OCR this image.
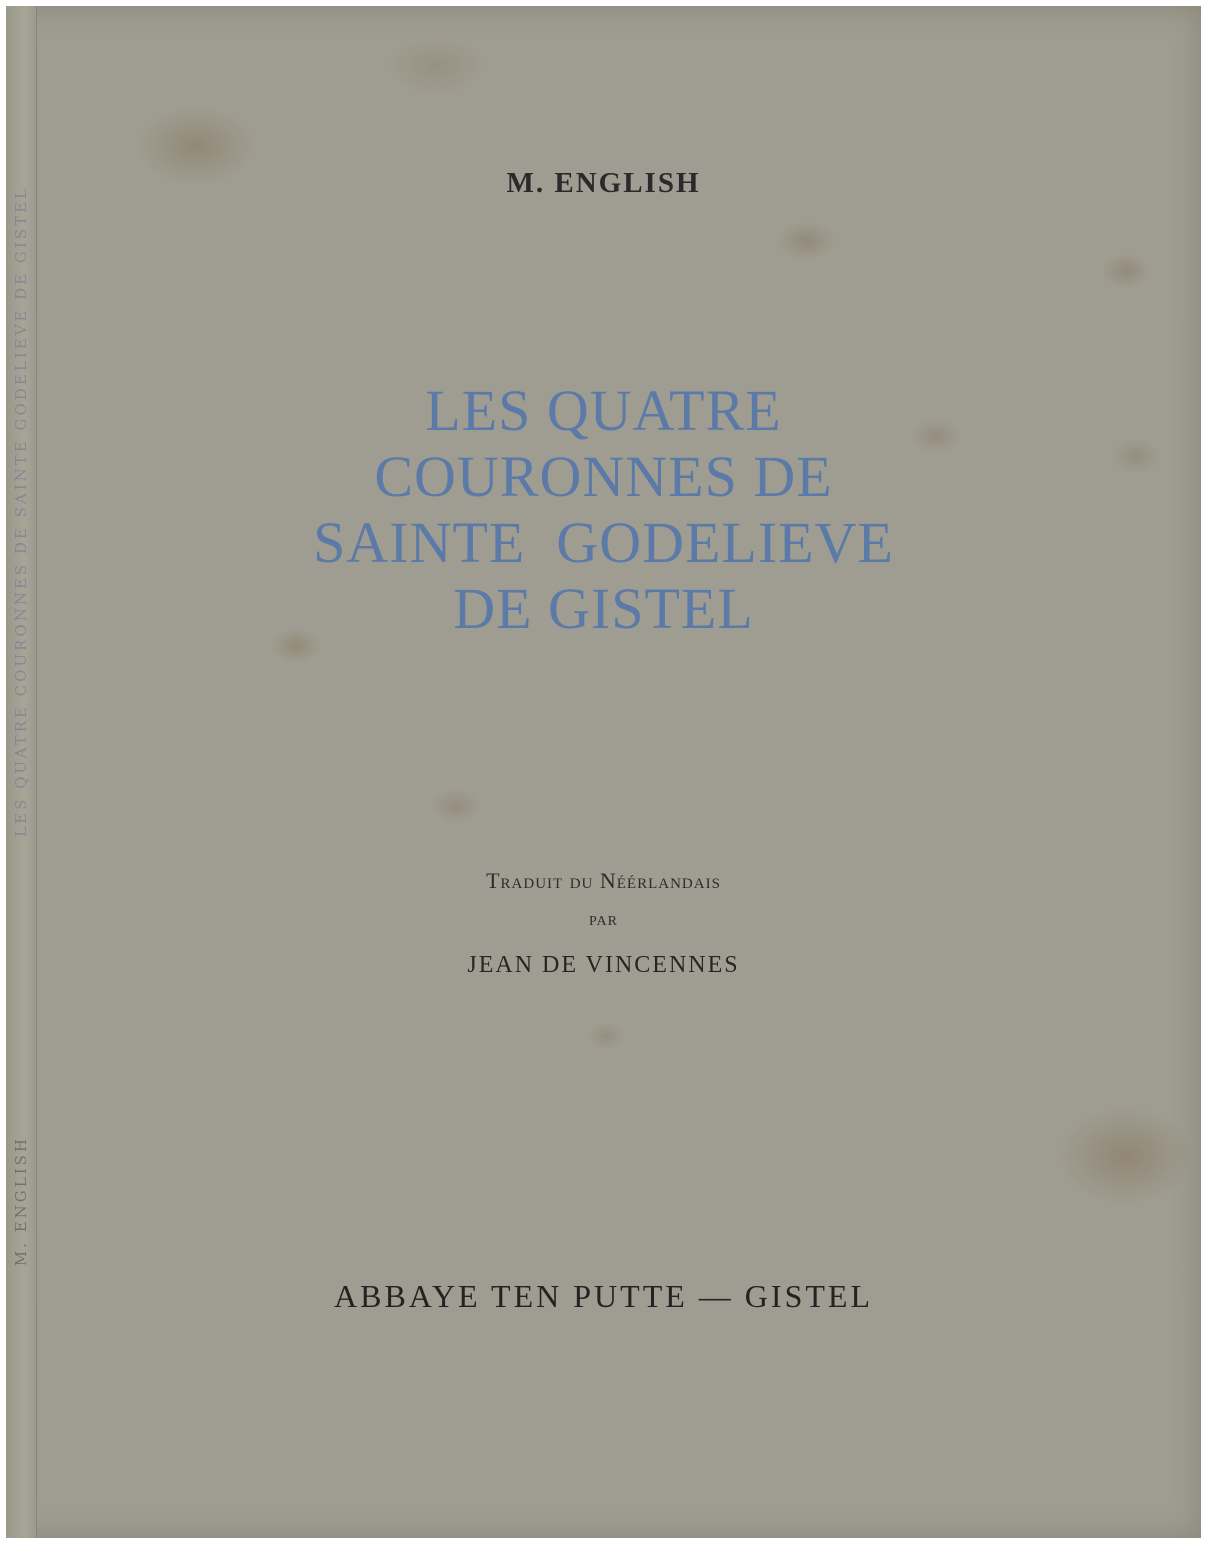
LES QUATRE COURONNES DE SAINTE GODELIEVE DE GISTEL
M. ENGLISH
M. ENGLISH
LES QUATRE
COURONNES DE
SAINTE  GODELIEVE
DE GISTEL
Traduit du Néérlandais
par
JEAN DE VINCENNES
ABBAYE TEN PUTTE — GISTEL
